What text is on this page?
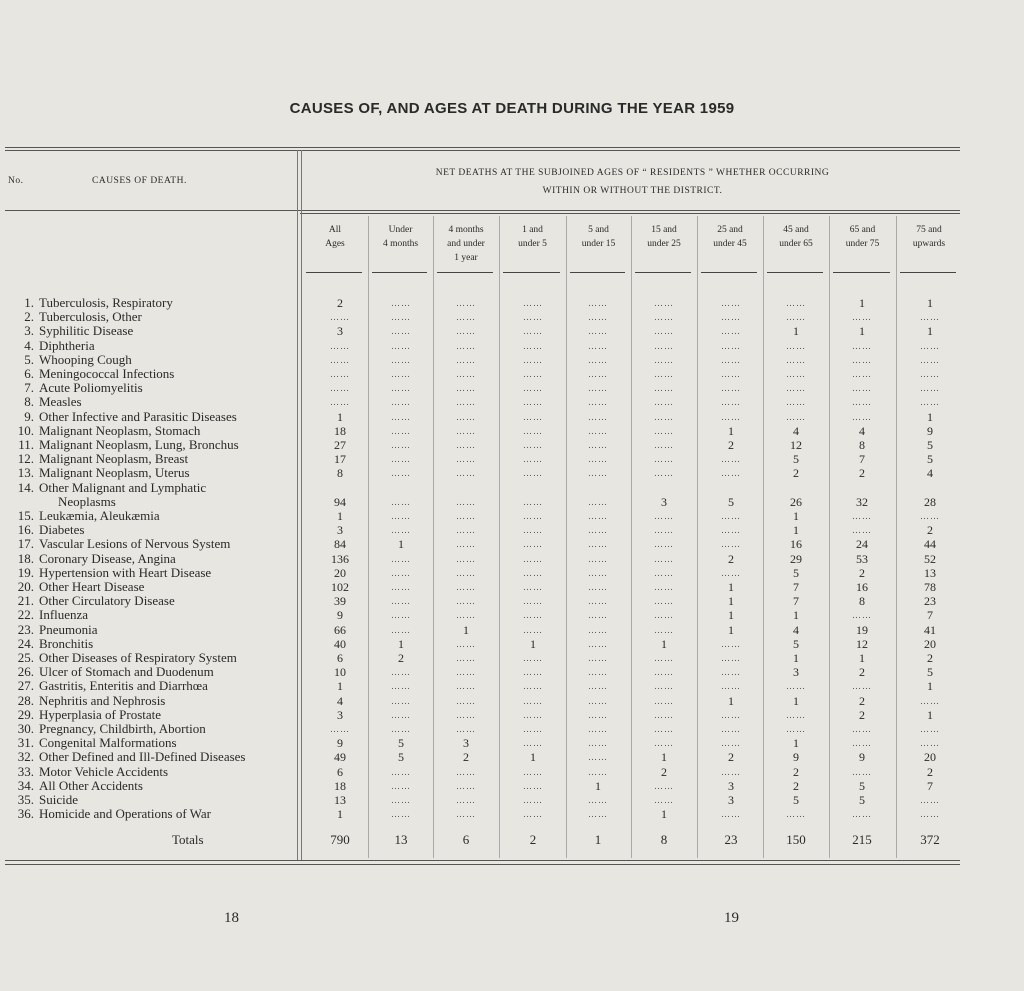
CAUSES OF, AND AGES AT DEATH DURING THE YEAR 1959
No.	CAUSES OF DEATH.
NET DEATHS AT THE SUBJOINED AGES OF “ RESIDENTS ” WHETHER OCCURRING
WITHIN OR WITHOUT THE DISTRICT.
All
Ages
Under
4 months
4 months
and under
1 year
1 and
under 5
5 and
under 15
15 and
under 25
25 and
under 45
45 and
under 65
65 and
under 75
75 and
upwards
1. Tuberculosis, Respiratory	2	……	……	……	……	……	……	……	1	1
2. Tuberculosis, Other	……	……	……	……	……	……	……	……	……	……
3. Syphilitic Disease	3	……	……	……	……	……	……	1	1	1
4. Diphtheria	……	……	……	……	……	……	……	……	……	……
5. Whooping Cough	……	……	……	……	……	……	……	……	……	……
6. Meningococcal Infections	……	……	……	……	……	……	……	……	……	……
7. Acute Poliomyelitis	……	……	……	……	……	……	……	……	……	……
8. Measles	……	……	……	……	……	……	……	……	……	……
9. Other Infective and Parasitic Diseases	1	……	……	……	……	……	……	……	……	1
10. Malignant Neoplasm, Stomach	18	……	……	……	……	……	1	4	4	9
11. Malignant Neoplasm, Lung, Bronchus	27	……	……	……	……	……	2	12	8	5
12. Malignant Neoplasm, Breast	17	……	……	……	……	……	……	5	7	5
13. Malignant Neoplasm, Uterus	8	……	……	……	……	……	……	2	2	4
14. Other Malignant and Lymphatic
Neoplasms	94	……	……	……	……	3	5	26	32	28
15. Leukæmia, Aleukæmia	1	……	……	……	……	……	……	1	……	……
16. Diabetes	3	……	……	……	……	……	……	1	……	2
17. Vascular Lesions of Nervous System	84	1	……	……	……	……	……	16	24	44
18. Coronary Disease, Angina	136	……	……	……	……	……	2	29	53	52
19. Hypertension with Heart Disease	20	……	……	……	……	……	……	5	2	13
20. Other Heart Disease	102	……	……	……	……	……	1	7	16	78
21. Other Circulatory Disease	39	……	……	……	……	……	1	7	8	23
22. Influenza	9	……	……	……	……	……	1	1	……	7
23. Pneumonia	66	……	1	……	……	……	1	4	19	41
24. Bronchitis	40	1	……	1	……	1	……	5	12	20
25. Other Diseases of Respiratory System	6	2	……	……	……	……	……	1	1	2
26. Ulcer of Stomach and Duodenum	10	……	……	……	……	……	……	3	2	5
27. Gastritis, Enteritis and Diarrhœa	1	……	……	……	……	……	……	……	……	1
28. Nephritis and Nephrosis	4	……	……	……	……	……	1	1	2	……
29. Hyperplasia of Prostate	3	……	……	……	……	……	……	……	2	1
30. Pregnancy, Childbirth, Abortion	……	……	……	……	……	……	……	……	……	……
31. Congenital Malformations	9	5	3	……	……	……	……	1	……	……
32. Other Defined and Ill-Defined Diseases	49	5	2	1	……	1	2	9	9	20
33. Motor Vehicle Accidents	6	……	……	……	……	2	……	2	……	2
34. All Other Accidents	18	……	……	……	1	……	3	2	5	7
35. Suicide	13	……	……	……	……	……	3	5	5	……
36. Homicide and Operations of War	1	……	……	……	……	1	……	……	……	……
Totals	790	13	6	2	1	8	23	150	215	372
18	19
